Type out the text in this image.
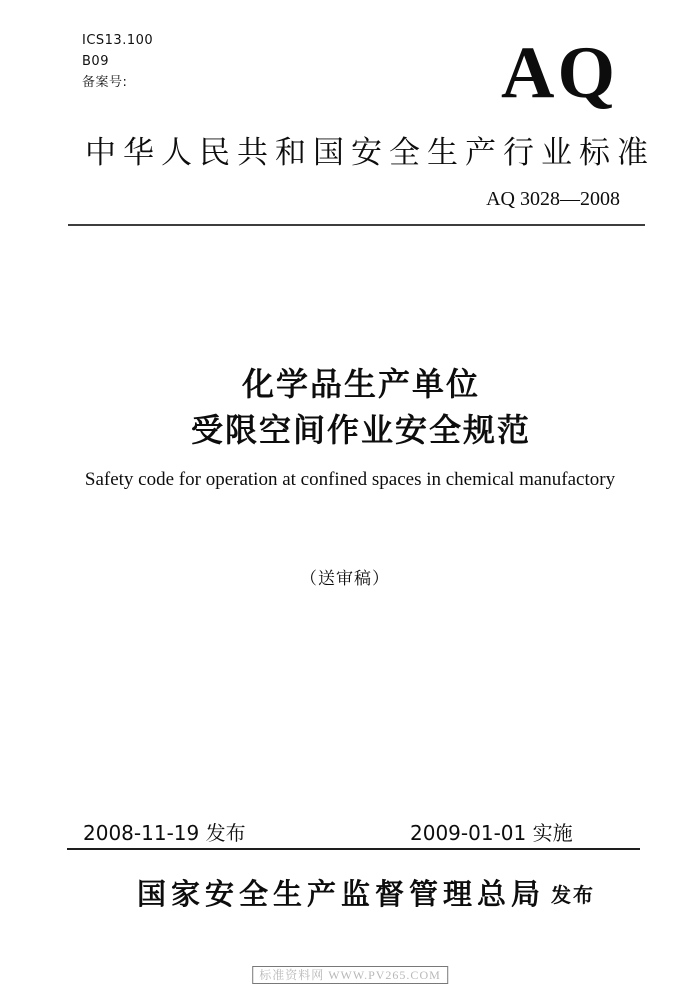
ICS13.100
B09
备案号:	AQ
中华人民共和国安全生产行业标准
AQ 3028—2008
化学品生产单位
受限空间作业安全规范
Safety code for operation at confined spaces in chemical manufactory
（送审稿）
2008-11-19 发布	2009-01-01 实施
国家安全生产监督管理总局 发布
标准资料网 WWW.PV265.COM
